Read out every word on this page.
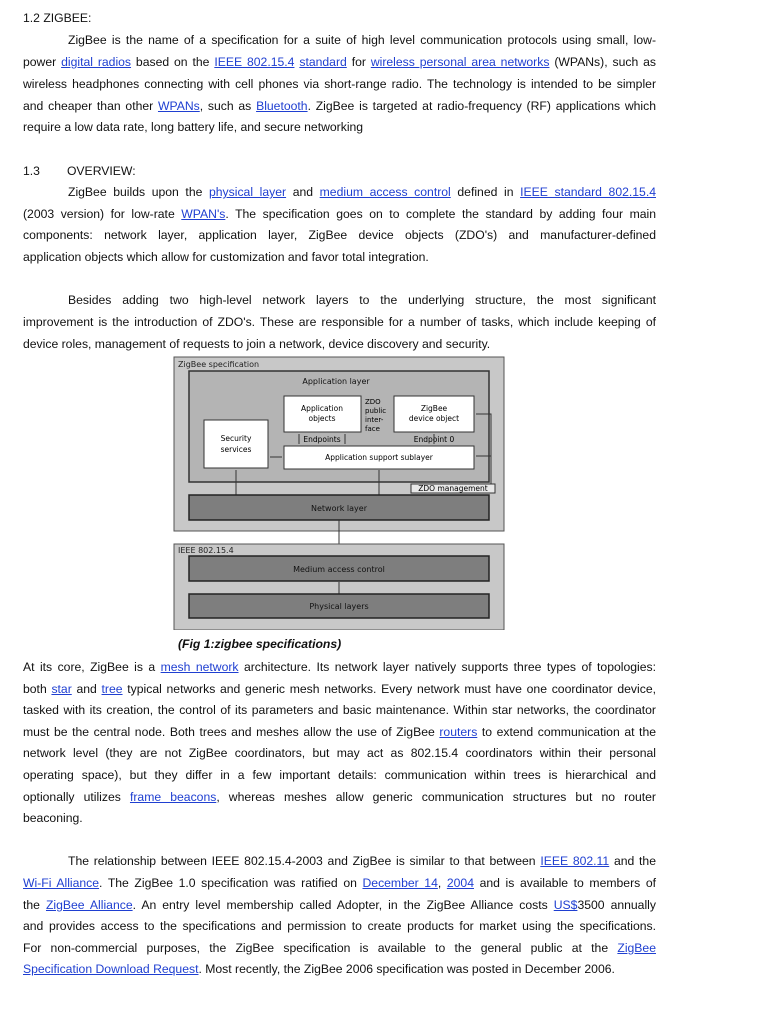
1.2 ZIGBEE:
ZigBee is the name of a specification for a suite of high level communication protocols using small, low-
power digital radios based on the IEEE 802.15.4 standard for wireless personal area networks (WPANs), such as
wireless headphones connecting with cell phones via short-range radio. The technology is intended to be simpler
and cheaper than other WPANs, such as Bluetooth. ZigBee is targeted at radio-frequency (RF) applications which
require a low data rate, long battery life, and secure networking
1.3 OVERVIEW:
ZigBee builds upon the physical layer and medium access control defined in IEEE standard 802.15.4
(2003 version) for low-rate WPAN's. The specification goes on to complete the standard by adding four main
components: network layer, application layer, ZigBee device objects (ZDO's) and manufacturer-defined
application objects which allow for customization and favor total integration.
Besides adding two high-level network layers to the underlying structure, the most significant
improvement is the introduction of ZDO's. These are responsible for a number of tasks, which include keeping of
device roles, management of requests to join a network, device discovery and security.
ZigBee specification
Application layer
Application
objects
ZDO
public
inter-
face
ZigBee
device object
Endpoints	Endpoint 0
Security
services
Application support sublayer
ZDO management
Network layer
IEEE 802.15.4
Medium access control
Physical layers
(Fig 1:zigbee specifications)
At its core, ZigBee is a mesh network architecture. Its network layer natively supports three types of topologies:
both star and tree typical networks and generic mesh networks. Every network must have one coordinator device,
tasked with its creation, the control of its parameters and basic maintenance. Within star networks, the coordinator
must be the central node. Both trees and meshes allow the use of ZigBee routers to extend communication at the
network level (they are not ZigBee coordinators, but may act as 802.15.4 coordinators within their personal
operating space), but they differ in a few important details: communication within trees is hierarchical and
optionally utilizes frame beacons, whereas meshes allow generic communication structures but no router
beaconing.
The relationship between IEEE 802.15.4-2003 and ZigBee is similar to that between IEEE 802.11 and the
Wi-Fi Alliance. The ZigBee 1.0 specification was ratified on December 14, 2004 and is available to members of
the ZigBee Alliance. An entry level membership called Adopter, in the ZigBee Alliance costs US$3500 annually
and provides access to the specifications and permission to create products for market using the specifications.
For non-commercial purposes, the ZigBee specification is available to the general public at the ZigBee
Specification Download Request. Most recently, the ZigBee 2006 specification was posted in December 2006.
